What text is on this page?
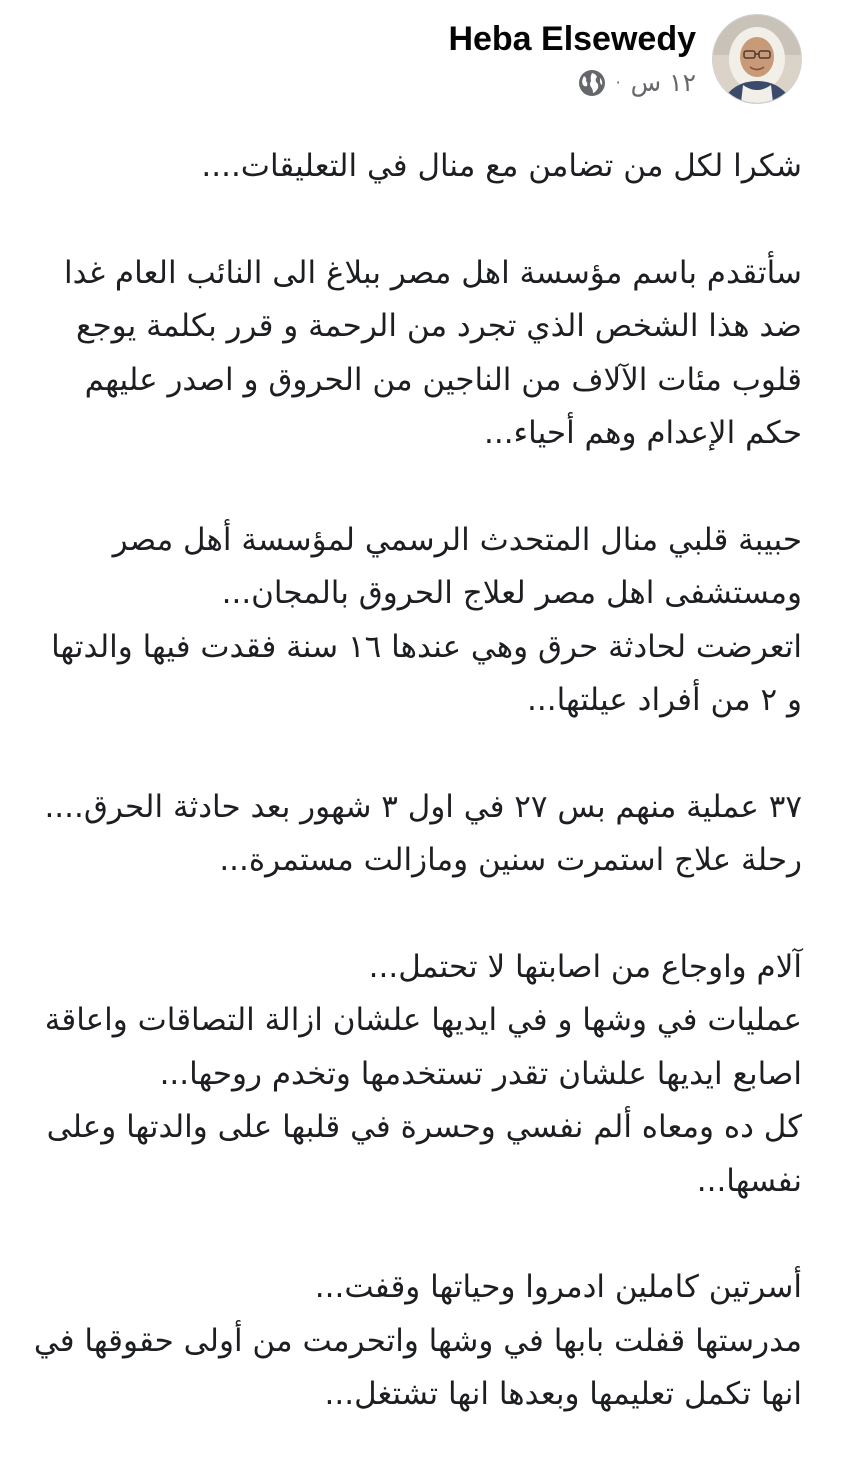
Heba Elsewedy
١٢ س
·
شكرا لكل من تضامن مع منال في التعليقات....
سأتقدم باسم مؤسسة اهل مصر ببلاغ الى النائب العام غدا
ضد هذا الشخص الذي تجرد من الرحمة و قرر بكلمة يوجع
قلوب مئات الآلاف من الناجين من الحروق و اصدر عليهم
حكم الإعدام وهم أحياء...
حبيبة قلبي منال المتحدث الرسمي لمؤسسة أهل مصر
ومستشفى اهل مصر لعلاج الحروق بالمجان...
اتعرضت لحادثة حرق وهي عندها ١٦ سنة فقدت فيها والدتها
و ٢ من أفراد عيلتها...
٣٧ عملية منهم بس ٢٧ في اول ٣ شهور بعد حادثة الحرق....
رحلة علاج استمرت سنين ومازالت مستمرة...
آلام واوجاع من اصابتها لا تحتمل...
عمليات في وشها و في ايديها علشان ازالة التصاقات واعاقة
اصابع ايديها علشان تقدر تستخدمها وتخدم روحها...
كل ده ومعاه ألم نفسي وحسرة في قلبها على والدتها وعلى
نفسها...
أسرتين كاملين ادمروا وحياتها وقفت...
مدرستها قفلت بابها في وشها واتحرمت من أولى حقوقها في
انها تكمل تعليمها وبعدها انها تشتغل...
